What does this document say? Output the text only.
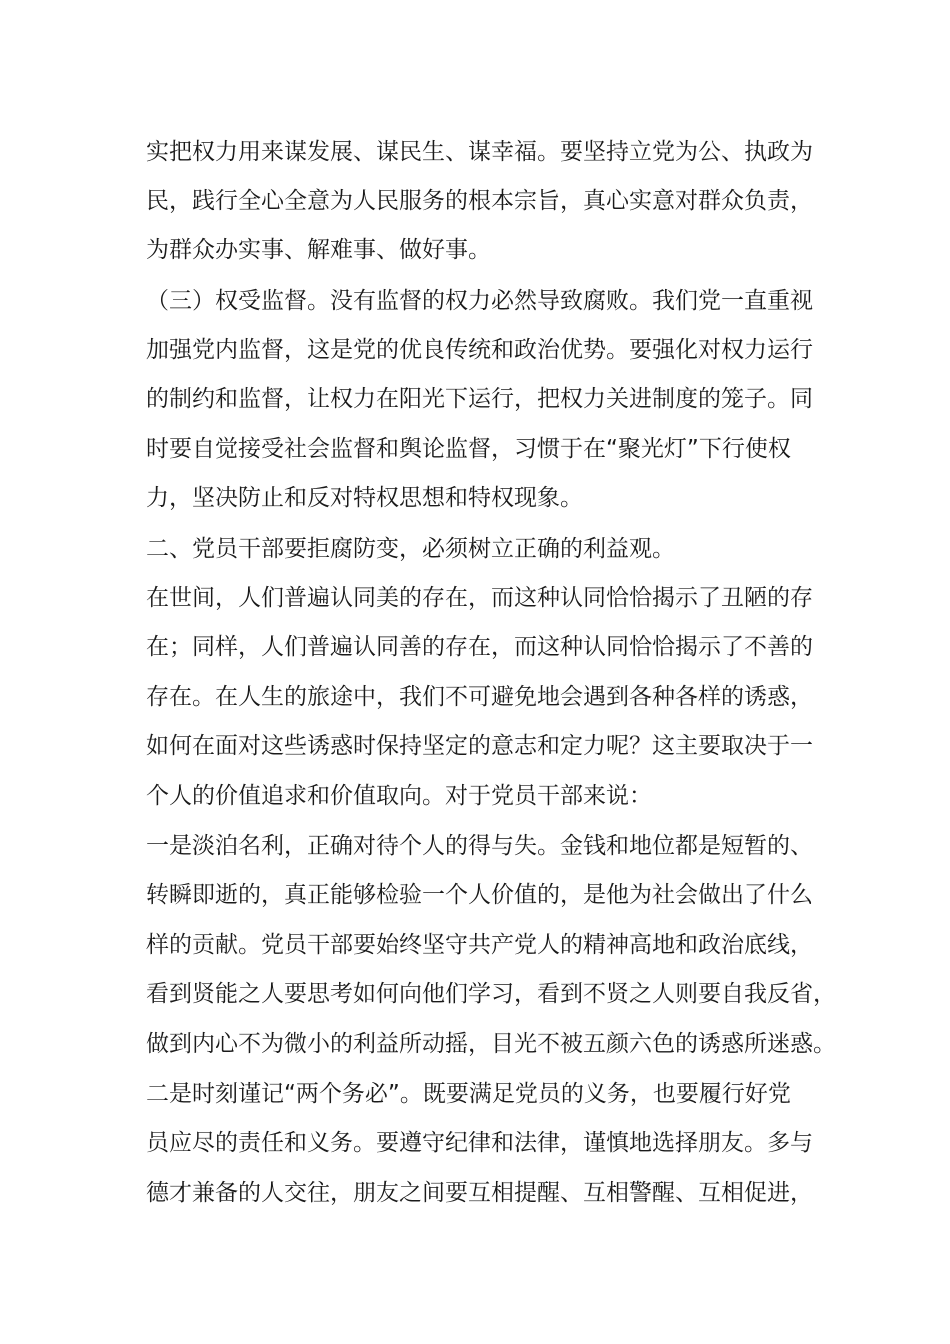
实把权力用来谋发展、谋民生、谋幸福。要坚持立党为公、执政为
民，践行全心全意为人民服务的根本宗旨，真心实意对群众负责，
为群众办实事、解难事、做好事。
（三）权受监督。没有监督的权力必然导致腐败。我们党一直重视
加强党内监督，这是党的优良传统和政治优势。要强化对权力运行
的制约和监督，让权力在阳光下运行，把权力关进制度的笼子。同
时要自觉接受社会监督和舆论监督，习惯于在“聚光灯”下行使权
力，坚决防止和反对特权思想和特权现象。
二、党员干部要拒腐防变，必须树立正确的利益观。
在世间，人们普遍认同美的存在，而这种认同恰恰揭示了丑陋的存
在；同样，人们普遍认同善的存在，而这种认同恰恰揭示了不善的
存在。在人生的旅途中，我们不可避免地会遇到各种各样的诱惑，
如何在面对这些诱惑时保持坚定的意志和定力呢？这主要取决于一
个人的价值追求和价值取向。对于党员干部来说：
一是淡泊名利，正确对待个人的得与失。金钱和地位都是短暂的、
转瞬即逝的，真正能够检验一个人价值的，是他为社会做出了什么
样的贡献。党员干部要始终坚守共产党人的精神高地和政治底线，
看到贤能之人要思考如何向他们学习，看到不贤之人则要自我反省，
做到内心不为微小的利益所动摇，目光不被五颜六色的诱惑所迷惑。
二是时刻谨记“两个务必”。既要满足党员的义务，也要履行好党
员应尽的责任和义务。要遵守纪律和法律，谨慎地选择朋友。多与
德才兼备的人交往，朋友之间要互相提醒、互相警醒、互相促进，
